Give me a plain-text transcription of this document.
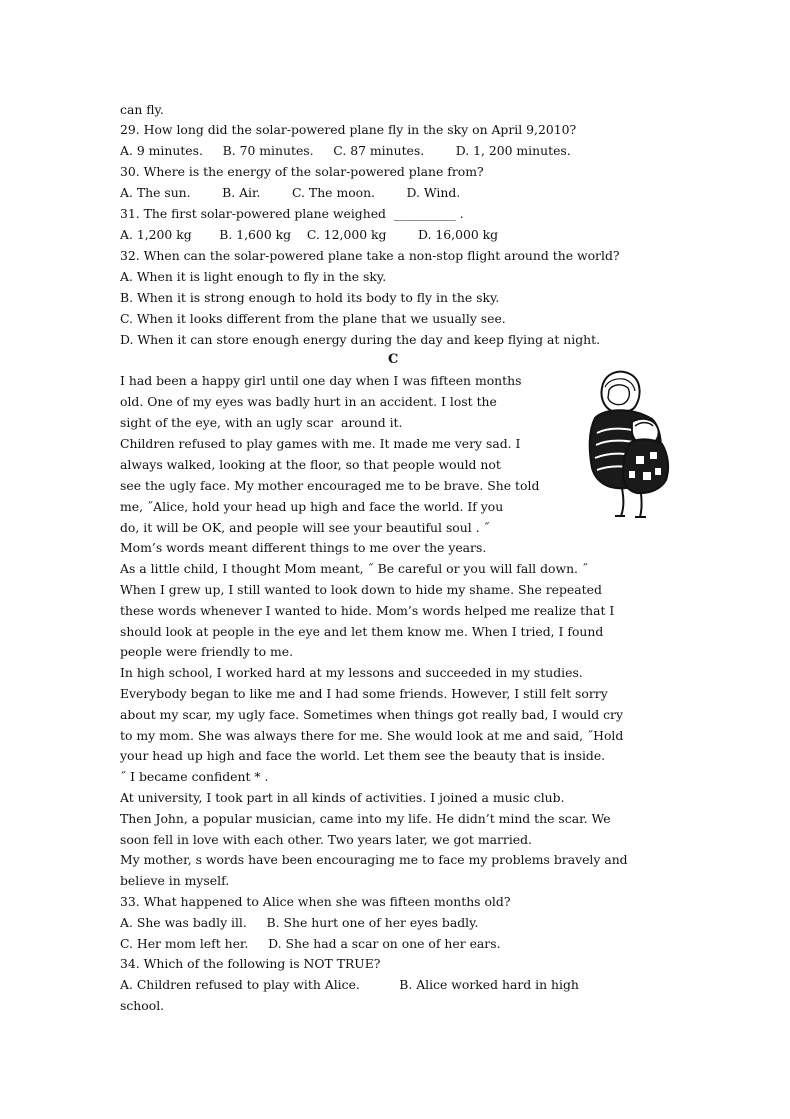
can fly.
29. How long did the solar-powered plane fly in the sky on April 9,2010?
A. 9 minutes.     B. 70 minutes.     C. 87 minutes.        D. 1, 200 minutes.
30. Where is the energy of the solar-powered plane from?
A. The sun.        B. Air.        C. The moon.        D. Wind.
31. The first solar-powered plane weighed  __________ .
A. 1,200 kg       B. 1,600 kg    C. 12,000 kg        D. 16,000 kg
32. When can the solar-powered plane take a non-stop flight around the world?
A. When it is light enough to fly in the sky.
B. When it is strong enough to hold its body to fly in the sky.
C. When it looks different from the plane that we usually see.
D. When it can store enough energy during the day and keep flying at night.
C
I had been a happy girl until one day when I was fifteen months
old. One of my eyes was badly hurt in an accident. I lost the
sight of the eye, with an ugly scar  around it.
Children refused to play games with me. It made me very sad. I
always walked, looking at the floor, so that people would not
see the ugly face. My mother encouraged me to be brave. She told
me, ˝Alice, hold your head up high and face the world. If you
do, it will be OK, and people will see your beautiful soul . ˝
Mom’s words meant different things to me over the years.
As a little child, I thought Mom meant, ˝ Be careful or you will fall down. ˝
When I grew up, I still wanted to look down to hide my shame. She repeated
these words whenever I wanted to hide. Mom’s words helped me realize that I
should look at people in the eye and let them know me. When I tried, I found
people were friendly to me.
In high school, I worked hard at my lessons and succeeded in my studies.
Everybody began to like me and I had some friends. However, I still felt sorry
about my scar, my ugly face. Sometimes when things got really bad, I would cry
to my mom. She was always there for me. She would look at me and said, ˝Hold
your head up high and face the world. Let them see the beauty that is inside.
˝ I became confident * .
At university, I took part in all kinds of activities. I joined a music club.
Then John, a popular musician, came into my life. He didn’t mind the scar. We
soon fell in love with each other. Two years later, we got married.
My mother, s words have been encouraging me to face my problems bravely and
believe in myself.
33. What happened to Alice when she was fifteen months old?
A. She was badly ill.     B. She hurt one of her eyes badly.
C. Her mom left her.     D. She had a scar on one of her ears.
34. Which of the following is NOT TRUE?
A. Children refused to play with Alice.          B. Alice worked hard in high
school.
